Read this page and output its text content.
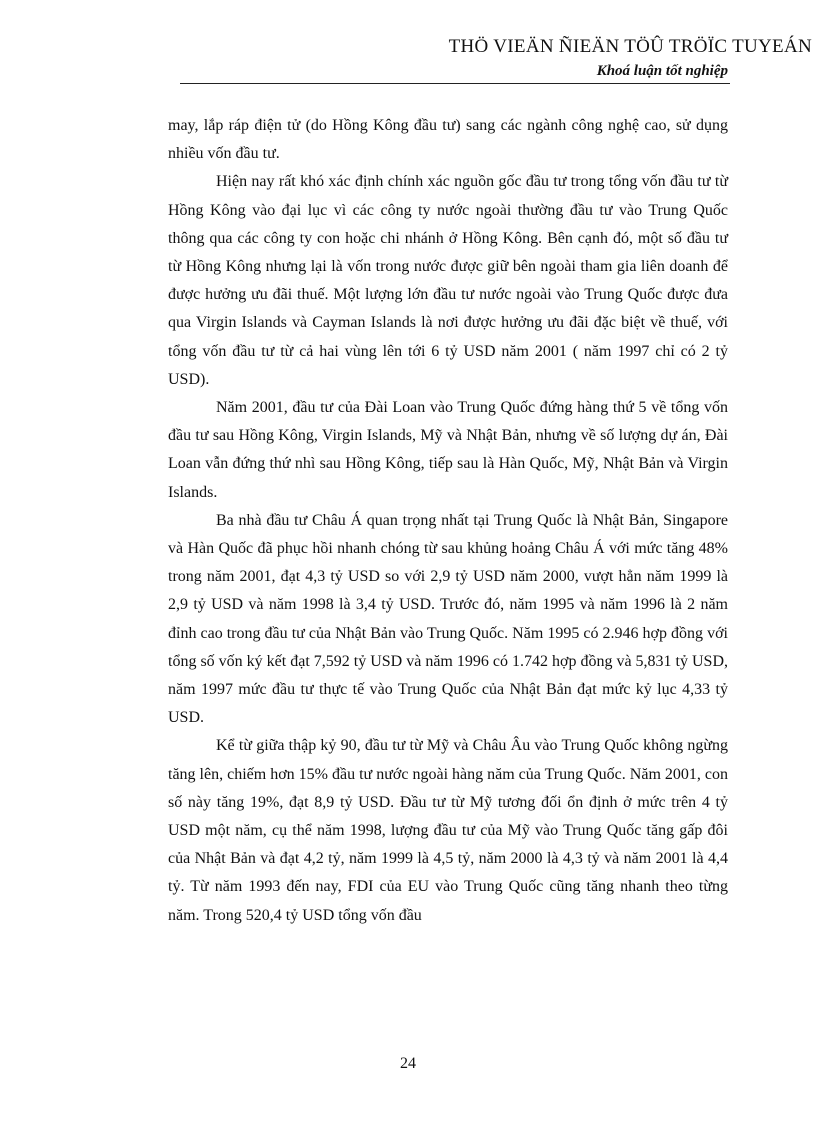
THÖ VIEÄN ÑIEÄN TÖÛ TRÖÏC TUYEÁN
Khoá luận tốt nghiệp

may, lắp ráp điện tử (do Hồng Kông đầu tư) sang các ngành công nghệ cao, sử dụng nhiều vốn đầu tư.

Hiện nay rất khó xác định chính xác nguồn gốc đầu tư trong tổng vốn đầu tư từ Hồng Kông vào đại lục vì các công ty nước ngoài thường đầu tư vào Trung Quốc thông qua các công ty con hoặc chi nhánh ở Hồng Kông. Bên cạnh đó, một số đầu tư từ Hồng Kông nhưng lại là vốn trong nước được giữ bên ngoài tham gia liên doanh để được hưởng ưu đãi thuế. Một lượng lớn đầu tư nước ngoài vào Trung Quốc được đưa qua Virgin Islands và Cayman Islands là nơi được hưởng ưu đãi đặc biệt về thuế, với tổng vốn đầu tư từ cả hai vùng lên tới 6 tỷ USD năm 2001 ( năm 1997 chỉ có 2 tỷ USD).

Năm 2001, đầu tư của Đài Loan vào Trung Quốc đứng hàng thứ 5 về tổng vốn đầu tư sau Hồng Kông, Virgin Islands, Mỹ và Nhật Bản, nhưng về số lượng dự án, Đài Loan vẫn đứng thứ nhì sau Hồng Kông, tiếp sau là Hàn Quốc, Mỹ, Nhật Bản và Virgin Islands.

Ba nhà đầu tư Châu Á quan trọng nhất tại Trung Quốc là Nhật Bản, Singapore và Hàn Quốc đã phục hồi nhanh chóng từ sau khủng hoảng Châu Á với mức tăng 48% trong năm 2001, đạt 4,3 tỷ USD so với 2,9 tỷ USD năm 2000, vượt hẳn năm 1999 là 2,9 tỷ USD và năm 1998 là 3,4 tỷ USD. Trước đó, năm 1995 và năm 1996 là 2 năm đỉnh cao trong đầu tư của Nhật Bản vào Trung Quốc. Năm 1995 có 2.946 hợp đồng với tổng số vốn ký kết đạt 7,592 tỷ USD và năm 1996 có 1.742 hợp đồng và 5,831 tỷ USD, năm 1997 mức đầu tư thực tế vào Trung Quốc của Nhật Bản đạt mức kỷ lục 4,33 tỷ USD.

Kể từ giữa thập kỷ 90, đầu tư từ Mỹ và Châu Âu vào Trung Quốc không ngừng tăng lên, chiếm hơn 15% đầu tư nước ngoài hàng năm của Trung Quốc. Năm 2001, con số này tăng 19%, đạt 8,9 tỷ USD. Đầu tư từ Mỹ tương đối ổn định ở mức trên 4 tỷ USD một năm, cụ thể năm 1998, lượng đầu tư của Mỹ vào Trung Quốc tăng gấp đôi của Nhật Bản và đạt 4,2 tỷ, năm 1999 là 4,5 tỷ, năm 2000 là 4,3 tỷ và năm 2001 là 4,4 tỷ. Từ năm 1993 đến nay, FDI của EU vào Trung Quốc cũng tăng nhanh theo từng năm. Trong 520,4 tỷ USD tổng vốn đầu

24
